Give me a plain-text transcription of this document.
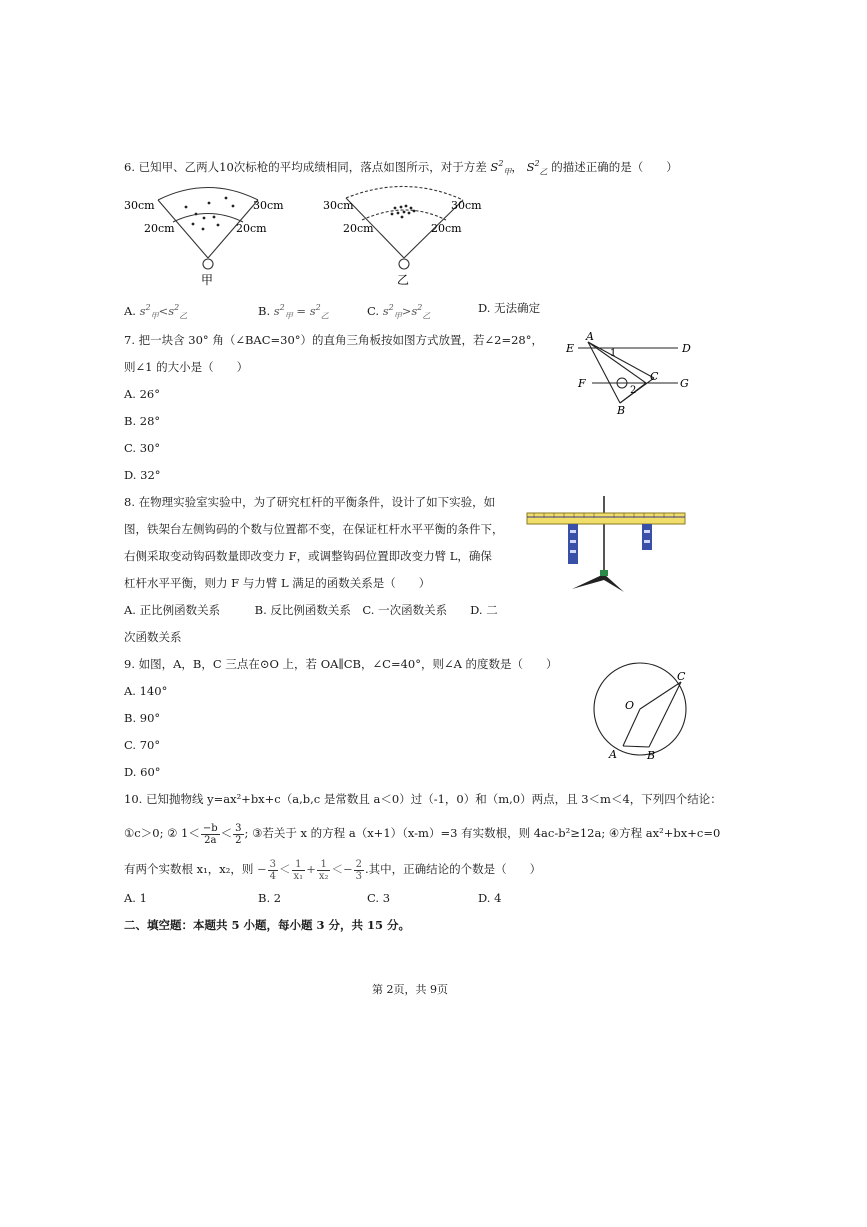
6. 已知甲、乙两人10次标枪的平均成绩相同，落点如图所示，对于方差 $S^2_甲$， $S^2_乙$ 的描述正确的是（　　）
30cm	30cm
20cm	20cm
甲
30cm	30cm
20cm	20cm
乙
A. $s^2_甲<s^2_乙$	B. $s^2_甲 = s^2_乙$	C. $s^2_甲>s^2_乙$
D. 无法确定
7. 把一块含 30° 角（∠BAC=30°）的直角三角板按如图方式放置，若∠2=28°，
则∠1 的大小是（　　）
A. 26°
B. 28°
C. 30°
D. 32°
A
E	D
1
F
C
G
2
B
8. 在物理实验室实验中，为了研究杠杆的平衡条件，设计了如下实验，如
图，铁架台左侧钩码的个数与位置都不变，在保证杠杆水平平衡的条件下，
右侧采取变动钩码数量即改变力 F，或调整钩码位置即改变力臂 L，确保
杠杆水平平衡，则力 F 与力臂 L 满足的函数关系是（　　）
A. 正比例函数关系　　　B. 反比例函数关系　C. 一次函数关系　　D. 二
次函数关系
9. 如图，A，B，C 三点在⊙O 上，若 OA∥CB，∠C=40°，则∠A 的度数是（　　）
A. 140°
B. 90°
C. 70°
D. 60°
O
C
A	B
10. 已知抛物线 y=ax²+bx+c（a,b,c 是常数且 a＜0）过（-1，0）和（m,0）两点，且 3＜m＜4，下列四个结论：
①c＞0; ② $1< \frac{-b}{2a} < \frac{3}{2}$ ; ③若关于 x 的方程 a（x+1）（x-m）=3 有实数根，则 4ac-b²≥12a; ④方程 ax²+bx+c=0
有两个实数根 x₁，x₂，则 − $\frac{3}{4} < \frac{1}{\text{x₁}} + \frac{1}{\text{x₂}} <- \frac{2}{3}$ .其中，正确结论的个数是（　　）
A. 1	B. 2	C. 3	D. 4
二、填空题：本题共 5 小题，每小题 3 分，共 15 分。
第 2页，共 9页
